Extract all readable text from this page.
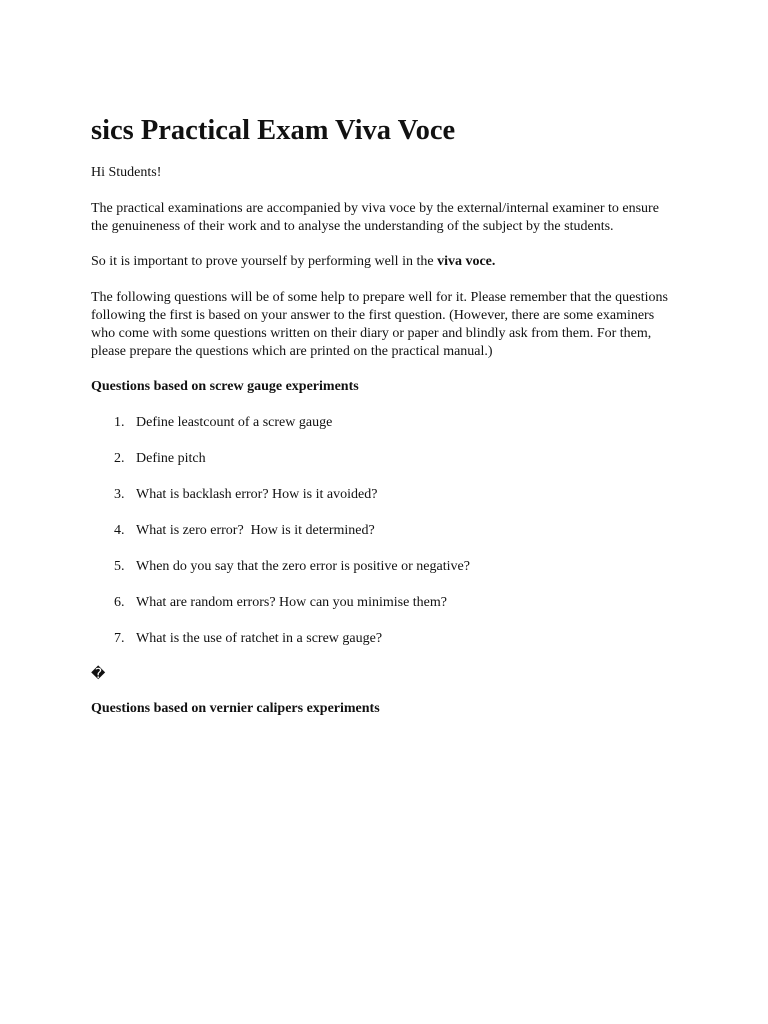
sics Practical Exam Viva Voce

Hi Students!

The practical examinations are accompanied by viva voce by the external/internal examiner to ensure the genuineness of their work and to analyse the understanding of the subject by the students.

So it is important to prove yourself by performing well in the viva voce.

The following questions will be of some help to prepare well for it. Please remember that the questions following the first is based on your answer to the first question. (However, there are some examiners who come with some questions written on their diary or paper and blindly ask from them. For them, please prepare the questions which are printed on the practical manual.)

Questions based on screw gauge experiments

1. Define leastcount of a screw gauge
2. Define pitch
3. What is backlash error? How is it avoided?
4. What is zero error?  How is it determined?
5. When do you say that the zero error is positive or negative?
6. What are random errors? How can you minimise them?
7. What is the use of ratchet in a screw gauge?
�

Questions based on vernier calipers experiments
